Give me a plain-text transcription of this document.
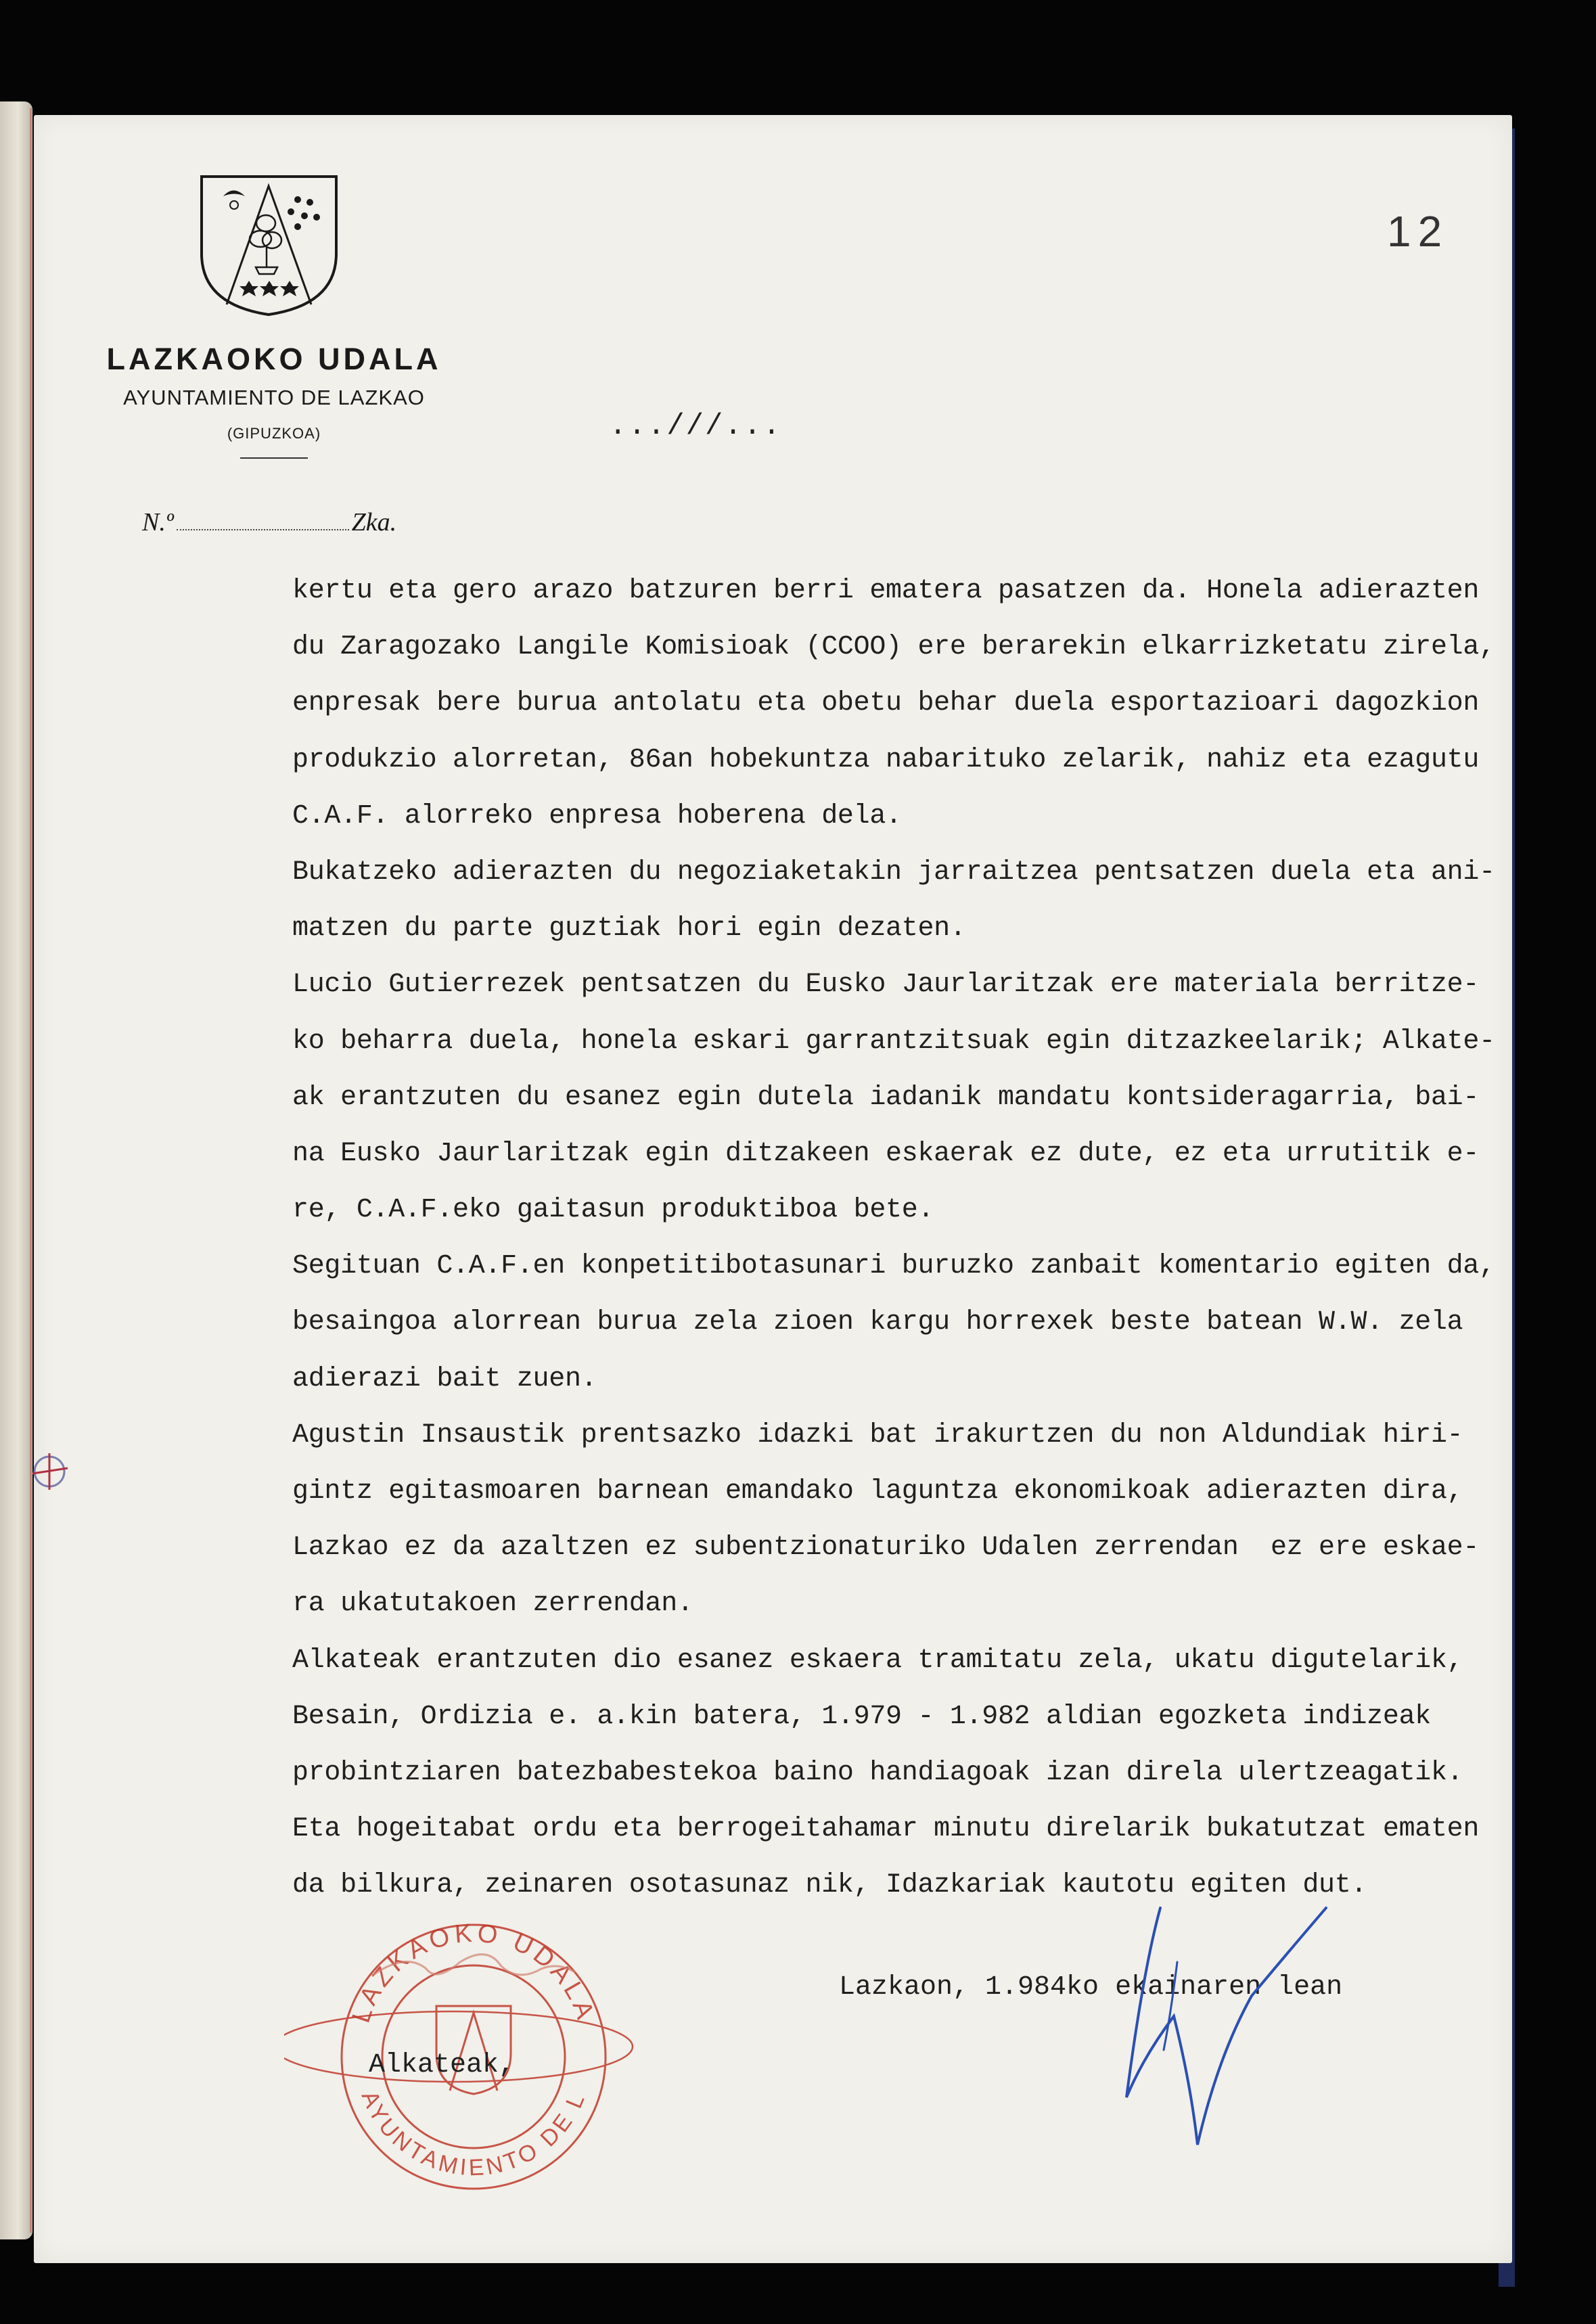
LAZKAOKO UDALA
AYUNTAMIENTO DE LAZKAO
(GIPUZKOA)
12
...///...
N.º	Zka.
kertu eta gero arazo batzuren berri ematera pasatzen da. Honela adierazten
du Zaragozako Langile Komisioak (CCOO) ere berarekin elkarrizketatu zirela,
enpresak bere burua antolatu eta obetu behar duela esportazioari dagozkion
produkzio alorretan, 86an hobekuntza nabarituko zelarik, nahiz eta ezagutu
C.A.F. alorreko enpresa hoberena dela.
Bukatzeko adierazten du negoziaketakin jarraitzea pentsatzen duela eta ani-
matzen du parte guztiak hori egin dezaten.
Lucio Gutierrezek pentsatzen du Eusko Jaurlaritzak ere materiala berritze-
ko beharra duela, honela eskari garrantzitsuak egin ditzazkeelarik; Alkate-
ak erantzuten du esanez egin dutela iadanik mandatu kontsideragarria, bai-
na Eusko Jaurlaritzak egin ditzakeen eskaerak ez dute, ez eta urrutitik e-
re, C.A.F.eko gaitasun produktiboa bete.
Segituan C.A.F.en konpetitibotasunari buruzko zanbait komentario egiten da,
besaingoa alorrean burua zela zioen kargu horrexek beste batean W.W. zela
adierazi bait zuen.
Agustin Insaustik prentsazko idazki bat irakurtzen du non Aldundiak hiri-
gintz egitasmoaren barnean emandako laguntza ekonomikoak adierazten dira,
Lazkao ez da azaltzen ez subentzionaturiko Udalen zerrendan  ez ere eskae-
ra ukatutakoen zerrendan.
Alkateak erantzuten dio esanez eskaera tramitatu zela, ukatu digutelarik,
Besain, Ordizia e. a.kin batera, 1.979 - 1.982 aldian egozketa indizeak
probintziaren batezbabestekoa baino handiagoak izan direla ulertzeagatik.
Eta hogeitabat ordu eta berrogeitahamar minutu direlarik bukatutzat ematen
da bilkura, zeinaren osotasunaz nik, Idazkariak kautotu egiten dut.
LAZKAOKO UDALA
AYUNTAMIENTO DE L
Lazkaon, 1.984ko ekainaren lean
Alkateak,
